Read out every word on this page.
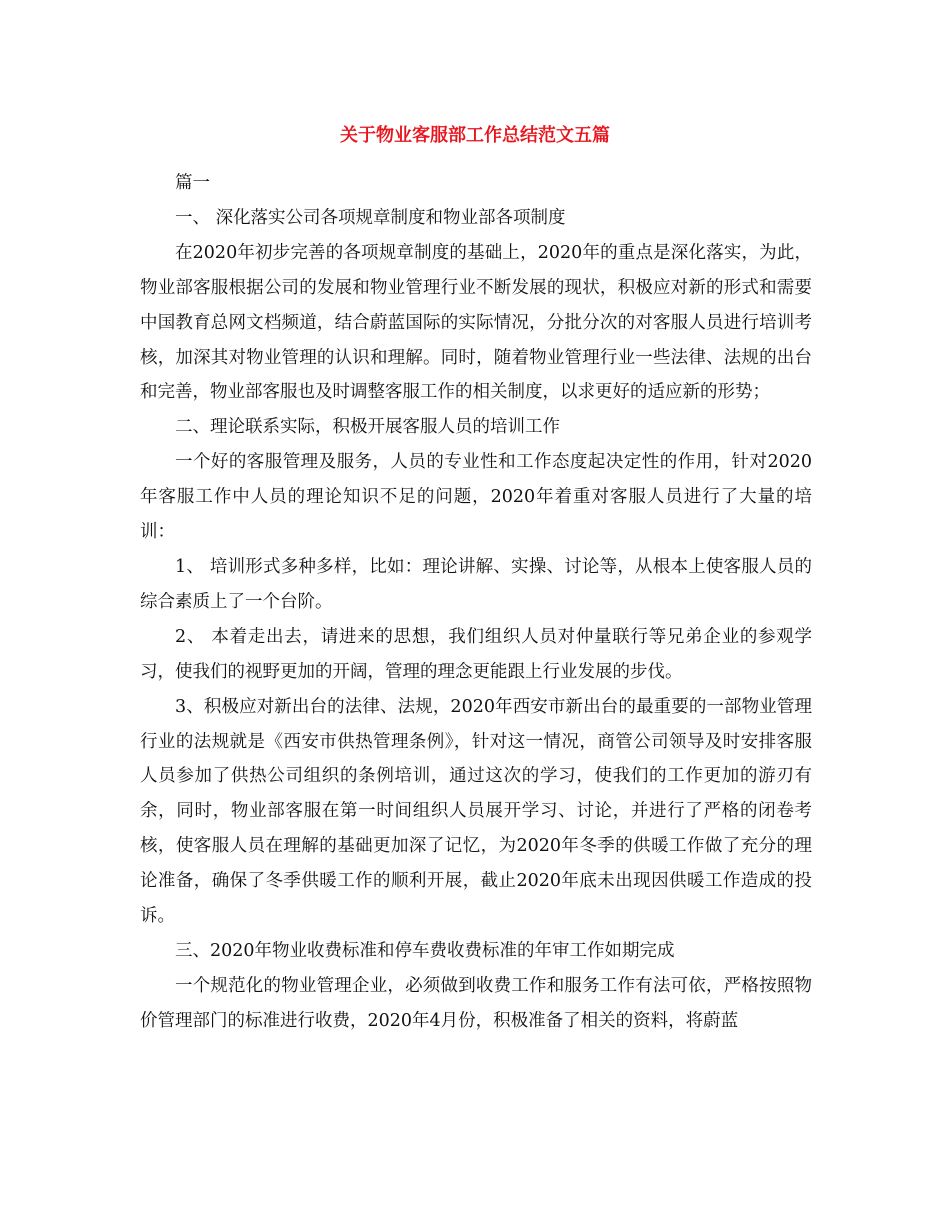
关于物业客服部工作总结范文五篇

篇一

一、 深化落实公司各项规章制度和物业部各项制度

在2020年初步完善的各项规章制度的基础上，2020年的重点是深化落实，为此，物业部客服根据公司的发展和物业管理行业不断发展的现状，积极应对新的形式和需要中国教育总网文档频道，结合蔚蓝国际的实际情况，分批分次的对客服人员进行培训考核，加深其对物业管理的认识和理解。同时，随着物业管理行业一些法律、法规的出台和完善，物业部客服也及时调整客服工作的相关制度，以求更好的适应新的形势；

二、理论联系实际，积极开展客服人员的培训工作

一个好的客服管理及服务，人员的专业性和工作态度起决定性的作用，针对2020年客服工作中人员的理论知识不足的问题，2020年着重对客服人员进行了大量的培训：

1、 培训形式多种多样，比如：理论讲解、实操、讨论等，从根本上使客服人员的综合素质上了一个台阶。

2、 本着走出去，请进来的思想，我们组织人员对仲量联行等兄弟企业的参观学习，使我们的视野更加的开阔，管理的理念更能跟上行业发展的步伐。

3、积极应对新出台的法律、法规，2020年西安市新出台的最重要的一部物业管理行业的法规就是《西安市供热管理条例》，针对这一情况，商管公司领导及时安排客服人员参加了供热公司组织的条例培训，通过这次的学习，使我们的工作更加的游刃有余，同时，物业部客服在第一时间组织人员展开学习、讨论，并进行了严格的闭卷考核，使客服人员在理解的基础更加深了记忆，为2020年冬季的供暖工作做了充分的理论准备，确保了冬季供暖工作的顺利开展，截止2020年底未出现因供暖工作造成的投诉。

三、2020年物业收费标准和停车费收费标准的年审工作如期完成

一个规范化的物业管理企业，必须做到收费工作和服务工作有法可依，严格按照物价管理部门的标准进行收费，2020年4月份，积极准备了相关的资料，将蔚蓝
